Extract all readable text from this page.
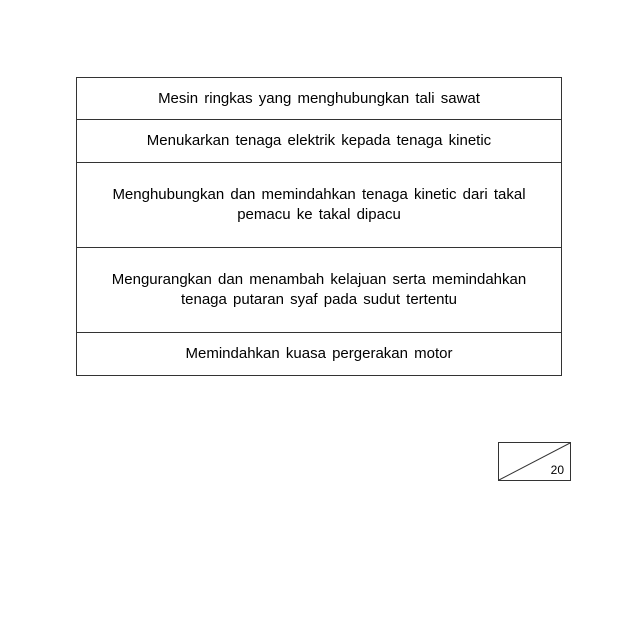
Mesin ringkas yang menghubungkan tali sawat
Menukarkan tenaga elektrik kepada tenaga kinetic
Menghubungkan dan memindahkan tenaga kinetic dari takal pemacu ke takal dipacu
Mengurangkan dan menambah kelajuan serta memindahkan tenaga putaran syaf pada sudut tertentu
Memindahkan kuasa pergerakan motor
20
